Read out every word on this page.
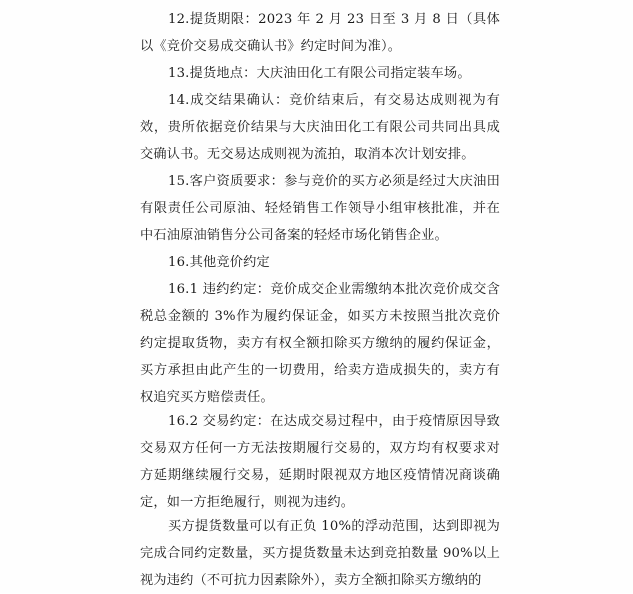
12.提货期限：2023 年 2 月 23 日至 3 月 8 日（具体以《竞价交易成交确认书》约定时间为准）。

13.提货地点：大庆油田化工有限公司指定装车场。

14.成交结果确认：竞价结束后，有交易达成则视为有效，贵所依据竞价结果与大庆油田化工有限公司共同出具成交确认书。无交易达成则视为流拍，取消本次计划安排。

15.客户资质要求：参与竞价的买方必须是经过大庆油田有限责任公司原油、轻烃销售工作领导小组审核批准，并在中石油原油销售分公司备案的轻烃市场化销售企业。

16.其他竞价约定

16.1 违约约定：竞价成交企业需缴纳本批次竞价成交含税总金额的 3%作为履约保证金，如买方未按照当批次竞价约定提取货物，卖方有权全额扣除买方缴纳的履约保证金，买方承担由此产生的一切费用，给卖方造成损失的，卖方有权追究买方赔偿责任。

16.2 交易约定：在达成交易过程中，由于疫情原因导致交易双方任何一方无法按期履行交易的，双方均有权要求对方延期继续履行交易，延期时限视双方地区疫情情况商谈确定，如一方拒绝履行，则视为违约。

买方提货数量可以有正负 10%的浮动范围，达到即视为完成合同约定数量，买方提货数量未达到竞拍数量 90%以上视为违约（不可抗力因素除外），卖方全额扣除买方缴纳的
